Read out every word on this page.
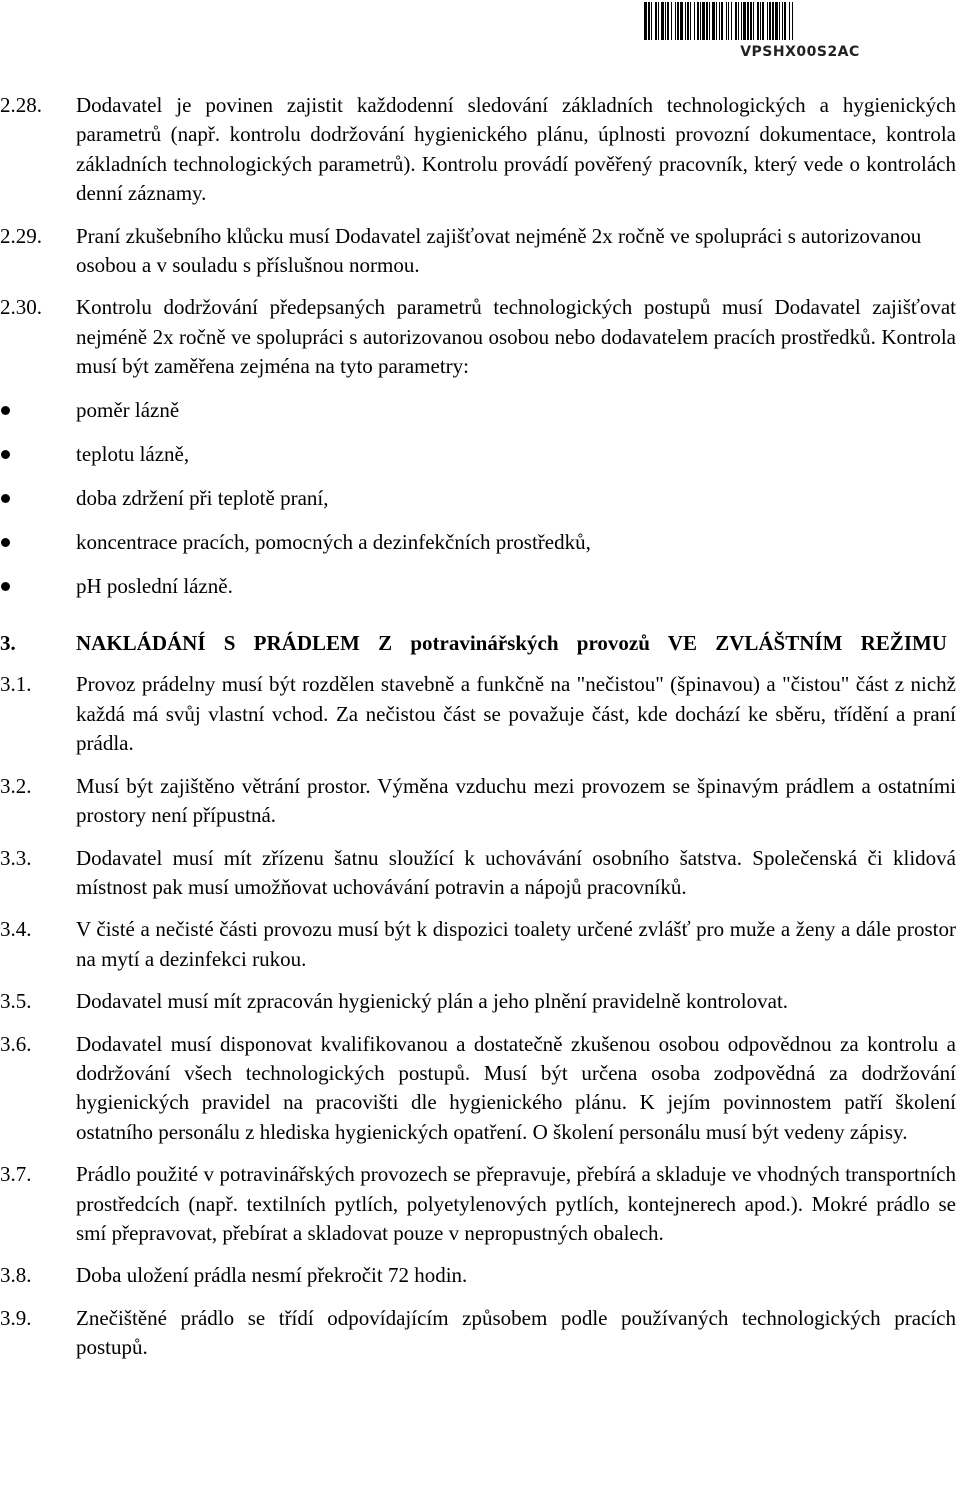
VPSHX00S2AC
2.28. Dodavatel je povinen zajistit každodenní sledování základních technologických a hygienických parametrů (např. kontrolu dodržování hygienického plánu, úplnosti provozní dokumentace, kontrola základních technologických parametrů). Kontrolu provádí pověřený pracovník, který vede o kontrolách denní záznamy.
2.29. Praní zkušebního klůcku musí Dodavatel zajišťovat nejméně 2x ročně ve spolupráci s autorizovanou osobou a v souladu s příslušnou normou.
2.30. Kontrolu dodržování předepsaných parametrů technologických postupů musí Dodavatel zajišťovat nejméně 2x ročně ve spolupráci s autorizovanou osobou nebo dodavatelem pracích prostředků. Kontrola musí být zaměřena zejména na tyto parametry:
poměr lázně
teplotu lázně,
doba zdržení při teplotě praní,
koncentrace pracích, pomocných a dezinfekčních prostředků,
pH poslední lázně.
3.	NAKLÁDÁNÍ S PRÁDLEM Z potravinářských provozů VE ZVLÁŠTNÍM REŽIMU
3.1. Provoz prádelny musí být rozdělen stavebně a funkčně na "nečistou" (špinavou) a "čistou" část z nichž každá má svůj vlastní vchod. Za nečistou část se považuje část, kde dochází ke sběru, třídění a praní prádla.
3.2. Musí být zajištěno větrání prostor. Výměna vzduchu mezi provozem se špinavým prádlem a ostatními prostory není přípustná.
3.3. Dodavatel musí mít zřízenu šatnu sloužící k uchovávání osobního šatstva. Společenská či klidová místnost pak musí umožňovat uchovávání potravin a nápojů pracovníků.
3.4. V čisté a nečisté části provozu musí být k dispozici toalety určené zvlášť pro muže a ženy a dále prostor na mytí a dezinfekci rukou.
3.5. Dodavatel musí mít zpracován hygienický plán a jeho plnění pravidelně kontrolovat.
3.6. Dodavatel musí disponovat kvalifikovanou a dostatečně zkušenou osobou odpovědnou za kontrolu a dodržování všech technologických postupů. Musí být určena osoba zodpovědná za dodržování hygienických pravidel na pracovišti dle hygienického plánu. K jejím povinnostem patří školení ostatního personálu z hlediska hygienických opatření. O školení personálu musí být vedeny zápisy.
3.7. Prádlo použité v potravinářských provozech se přepravuje, přebírá a skladuje ve vhodných transportních prostředcích (např. textilních pytlích, polyetylenových pytlích, kontejnerech apod.). Mokré prádlo se smí přepravovat, přebírat a skladovat pouze v nepropustných obalech.
3.8. Doba uložení prádla nesmí překročit 72 hodin.
3.9. Znečištěné prádlo se třídí odpovídajícím způsobem podle používaných technologických pracích postupů.
